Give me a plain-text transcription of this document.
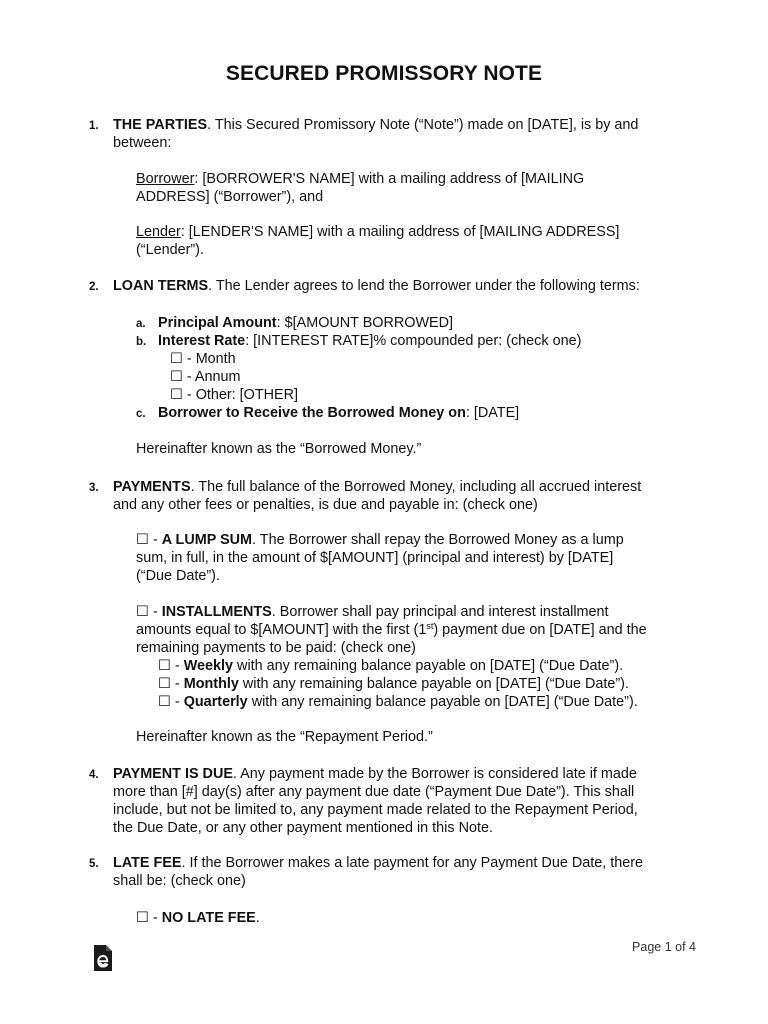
SECURED PROMISSORY NOTE
1. THE PARTIES. This Secured Promissory Note (“Note”) made on [DATE], is by and
between:
Borrower: [BORROWER'S NAME] with a mailing address of [MAILING
ADDRESS] (“Borrower”), and
Lender: [LENDER'S NAME] with a mailing address of [MAILING ADDRESS]
(“Lender”).
2. LOAN TERMS. The Lender agrees to lend the Borrower under the following terms:
a. Principal Amount: $[AMOUNT BORROWED]
b. Interest Rate: [INTEREST RATE]% compounded per: (check one)
☐ - Month
☐ - Annum
☐ - Other: [OTHER]
c. Borrower to Receive the Borrowed Money on: [DATE]
Hereinafter known as the “Borrowed Money.”
3. PAYMENTS. The full balance of the Borrowed Money, including all accrued interest
and any other fees or penalties, is due and payable in: (check one)
☐ - A LUMP SUM. The Borrower shall repay the Borrowed Money as a lump
sum, in full, in the amount of $[AMOUNT] (principal and interest) by [DATE]
(“Due Date”).
☐ - INSTALLMENTS. Borrower shall pay principal and interest installment
amounts equal to $[AMOUNT] with the first (1st) payment due on [DATE] and the
remaining payments to be paid: (check one)
☐ - Weekly with any remaining balance payable on [DATE] (“Due Date”).
☐ - Monthly with any remaining balance payable on [DATE] (“Due Date”).
☐ - Quarterly with any remaining balance payable on [DATE] (“Due Date”).
Hereinafter known as the “Repayment Period.”
4. PAYMENT IS DUE. Any payment made by the Borrower is considered late if made
more than [#] day(s) after any payment due date (“Payment Due Date”). This shall
include, but not be limited to, any payment made related to the Repayment Period,
the Due Date, or any other payment mentioned in this Note.
5. LATE FEE. If the Borrower makes a late payment for any Payment Due Date, there
shall be: (check one)
☐ - NO LATE FEE.
Page 1 of 4
